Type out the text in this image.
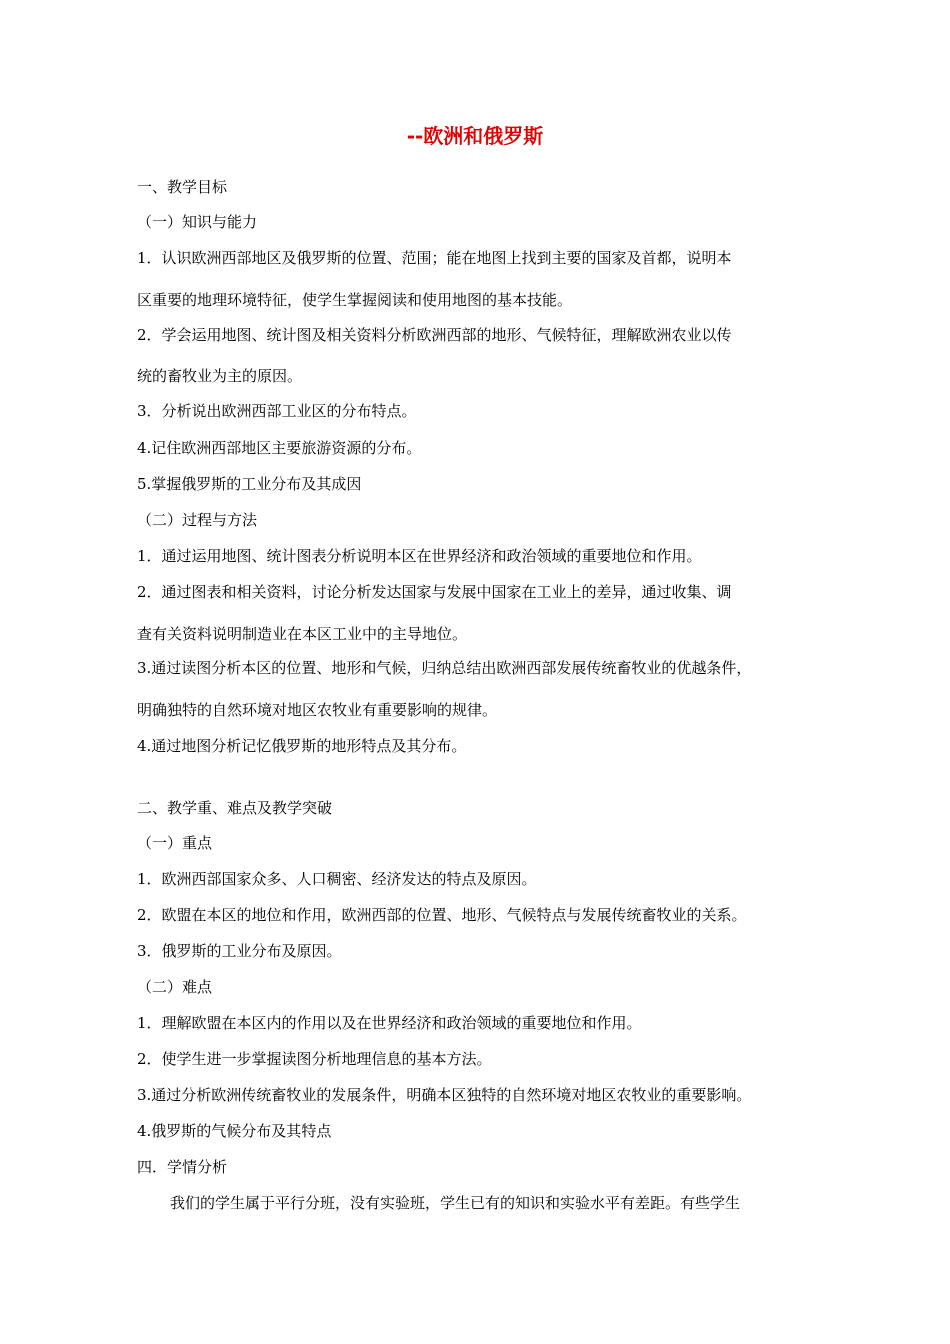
--欧洲和俄罗斯
一、教学目标
（一）知识与能力
1．认识欧洲西部地区及俄罗斯的位置、范围；能在地图上找到主要的国家及首都，说明本
区重要的地理环境特征，使学生掌握阅读和使用地图的基本技能。
2．学会运用地图、统计图及相关资料分析欧洲西部的地形、气候特征，理解欧洲农业以传
统的畜牧业为主的原因。
3．分析说出欧洲西部工业区的分布特点。
4.记住欧洲西部地区主要旅游资源的分布。
5.掌握俄罗斯的工业分布及其成因
（二）过程与方法
1．通过运用地图、统计图表分析说明本区在世界经济和政治领域的重要地位和作用。
2．通过图表和相关资料，讨论分析发达国家与发展中国家在工业上的差异，通过收集、调
查有关资料说明制造业在本区工业中的主导地位。
3.通过读图分析本区的位置、地形和气候，归纳总结出欧洲西部发展传统畜牧业的优越条件，
明确独特的自然环境对地区农牧业有重要影响的规律。
4.通过地图分析记忆俄罗斯的地形特点及其分布。
二、教学重、难点及教学突破
（一）重点
1．欧洲西部国家众多、人口稠密、经济发达的特点及原因。
2．欧盟在本区的地位和作用，欧洲西部的位置、地形、气候特点与发展传统畜牧业的关系。
3．俄罗斯的工业分布及原因。
（二）难点
1．理解欧盟在本区内的作用以及在世界经济和政治领域的重要地位和作用。
2．使学生进一步掌握读图分析地理信息的基本方法。
3.通过分析欧洲传统畜牧业的发展条件，明确本区独特的自然环境对地区农牧业的重要影响。
4.俄罗斯的气候分布及其特点
四．学情分析
我们的学生属于平行分班，没有实验班，学生已有的知识和实验水平有差距。有些学生
